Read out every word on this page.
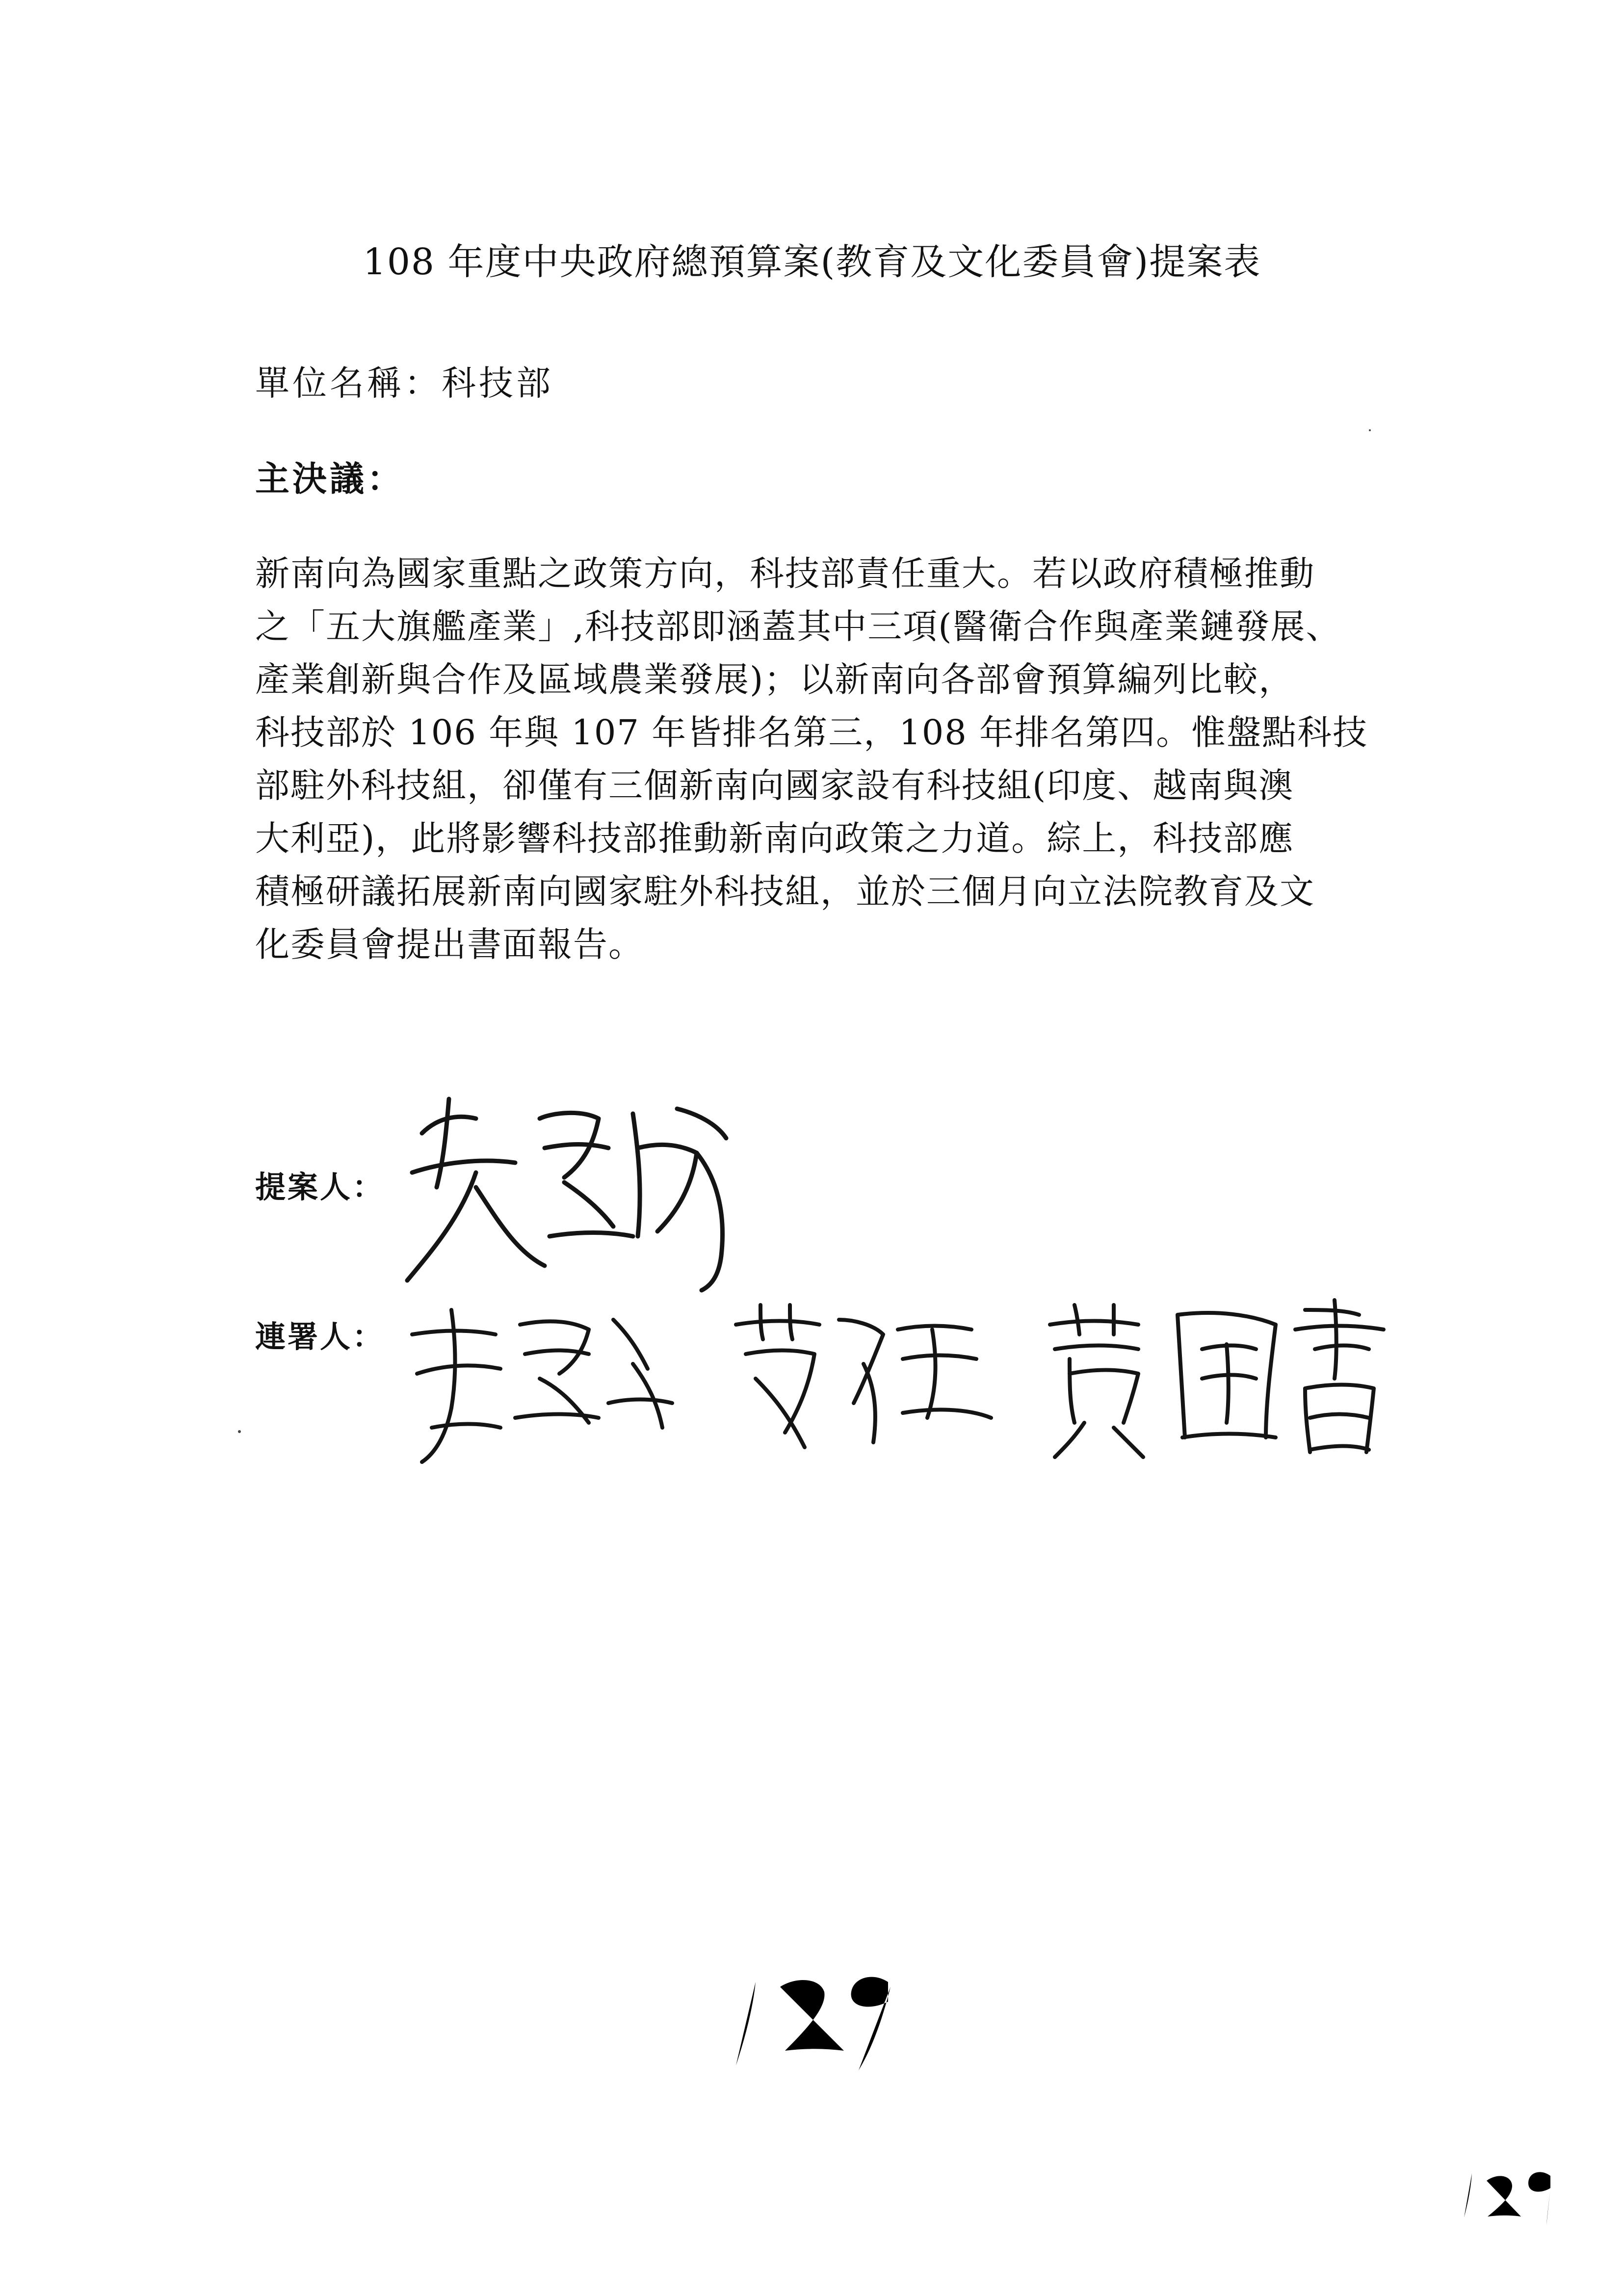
108 年度中央政府總預算案(教育及文化委員會)提案表
單位名稱：科技部
主決議：
新南向為國家重點之政策方向，科技部責任重大。若以政府積極推動
之「五大旗艦產業」,科技部即涵蓋其中三項(醫衛合作與產業鏈發展、
產業創新與合作及區域農業發展)；以新南向各部會預算編列比較，
科技部於 106 年與 107 年皆排名第三，108 年排名第四。惟盤點科技
部駐外科技組，卻僅有三個新南向國家設有科技組(印度、越南與澳
大利亞)，此將影響科技部推動新南向政策之力道。綜上，科技部應
積極研議拓展新南向國家駐外科技組，並於三個月向立法院教育及文
化委員會提出書面報告。
提案人：
連署人：
